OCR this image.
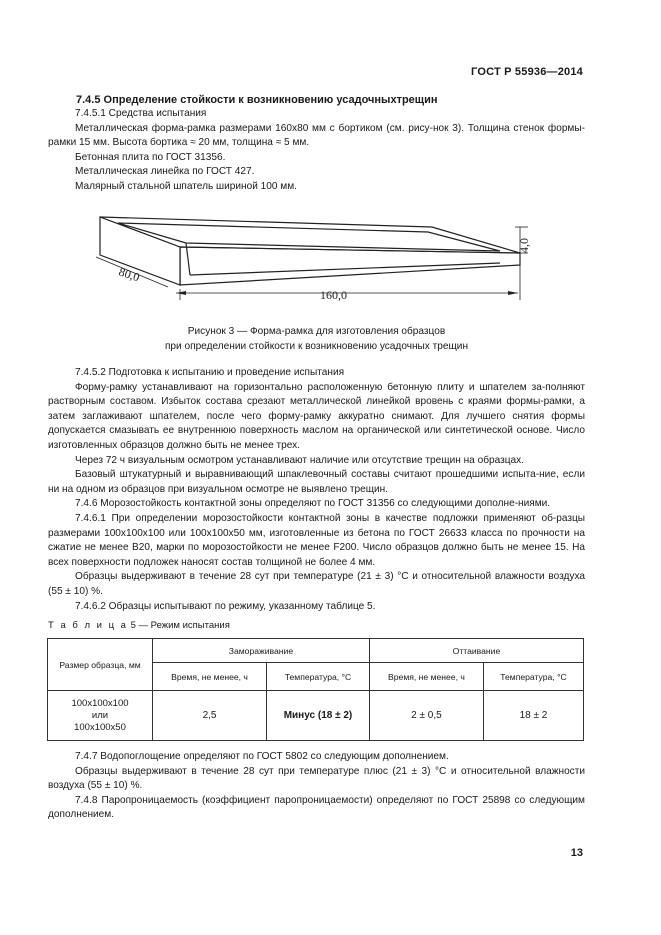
ГОСТ Р 55936—2014
7.4.5 Определение стойкости к возникновению усадочныхтрещин
7.4.5.1 Средства испытания
Металлическая форма-рамка размерами 160х80 мм с бортиком (см. рису-нок 3). Толщина стенок формы-рамки 15 мм. Высота бортика ≈ 20 мм, толщина ≈ 5 мм.
Бетонная плита по ГОСТ 31356.
Металлическая линейка по ГОСТ 427.
Малярный стальной шпатель шириной 100 мм.
160,0
80,0
4,0
Рисунок 3 — Форма-рамка для изготовления образцов
при определении стойкости к возникновению усадочных трещин
7.4.5.2 Подготовка к испытанию и проведение испытания
Форму-рамку устанавливают на горизонтально расположенную бетонную плиту и шпателем за-полняют растворным составом. Избыток состава срезают металлической линейкой вровень с краями формы-рамки, а затем заглаживают шпателем, после чего форму-рамку аккуратно снимают. Для лучшего снятия формы допускается смазывать ее внутреннюю поверхность маслом на органической или синтетической основе. Число изготовленных образцов должно быть не менее трех.
Через 72 ч визуальным осмотром устанавливают наличие или отсутствие трещин на образцах.
Базовый штукатурный и выравнивающий шпаклевочный составы считают прошедшими испыта-ние, если ни на одном из образцов при визуальном осмотре не выявлено трещин.
7.4.6 Морозостойкость контактной зоны определяют по ГОСТ 31356 со следующими дополне-ниями.
7.4.6.1 При определении морозостойкости контактной зоны в качестве подложки применяют об-разцы размерами 100x100x100 или 100x100x50 мм, изготовленные из бетона по ГОСТ 26633 класса по прочности на сжатие не менее В20, марки по морозостойкости не менее F200. Число образцов должно быть не менее 15. На всех поверхности подложек наносят состав толщиной не более 4 мм.
Образцы выдерживают в течение 28 сут при температуре (21 ± 3) °С и относительной влажности воздуха (55 ± 10) %.
7.4.6.2 Образцы испытывают по режиму, указанному таблице 5.
Т а б л и ц а 5 — Режим испытания
Размер образца, мм	Замораживание		Оттаивание	
	Время, не менее, ч	Температура, °С	Время, не менее, ч	Температура, °С

100x100x100
или
100x100x50	2,5	Минус (18 ± 2)	2 ± 0,5	18 ± 2
7.4.7 Водопоглощение определяют по ГОСТ 5802 со следующим дополнением.
Образцы выдерживают в течение 28 сут при температуре плюс (21 ± 3) °С и относительной влажности воздуха (55 ± 10) %.
7.4.8 Паропроницаемость (коэффициент паропроницаемости) определяют по ГОСТ 25898 со следующим дополнением.
13
